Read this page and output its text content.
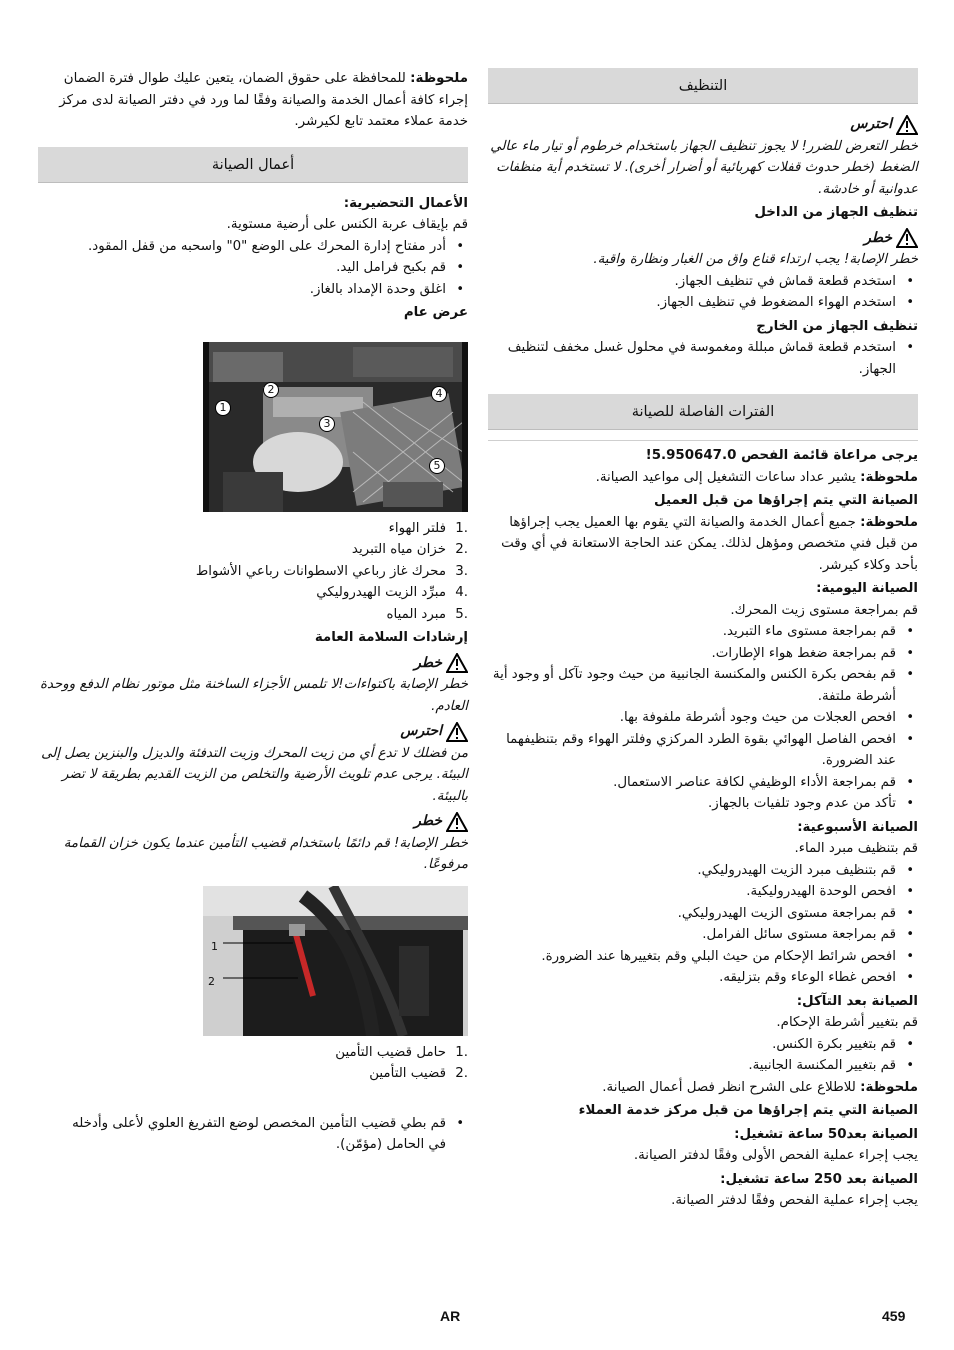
التنظيف
احترس
خطر التعرض للضرر! لا يجوز تنظيف الجهاز باستخدام خرطوم أو تيار ماء عالي الضغط (خطر حدوث قفلات كهربائية أو أضرار أخرى). لا تستخدم أية منظفات عدوانية أو خادشة.
تنظيف الجهاز من الداخل
خطر
خطر الإصابة! يجب ارتداء قناع واق من الغبار ونظارة واقية.
• استخدم قطعة قماش في تنظيف الجهاز.
• استخدم الهواء المضغوط في تنظيف الجهاز.
تنظيف الجهاز من الخارج
• استخدم قطعة قماش مبللة ومغموسة في محلول غسل مخفف لتنظيف الجهاز.
الفترات الفاصلة للصيانة
يرجى مراعاة قائمة الفحص 5.950647.0!
ملحوظة: يشير عداد ساعات التشغيل إلى مواعيد الصيانة.
الصيانة التي يتم إجراؤها من قبل العميل
ملحوظة: جميع أعمال الخدمة والصيانة التي يقوم بها العميل يجب إجراؤها من قبل فني متخصص ومؤهل لذلك. يمكن عند الحاجة الاستعانة في أي وقت بأحد وكلاء كيرشر.
الصيانة اليومية:
قم بمراجعة مستوى زيت المحرك.
• قم بمراجعة مستوى ماء التبريد.
• قم بمراجعة ضغط هواء الإطارات.
• قم بفحص بكرة الكنس والمكنسة الجانبية من حيث وجود تآكل أو وجود أية أشرطة ملتفة.
• افحص العجلات من حيث وجود أشرطة ملفوفة بها.
• افحص الفاصل الهوائي بقوة الطرد المركزي وفلتر الهواء وقم بتنظيفهما عند الضرورة.
• قم بمراجعة الأداء الوظيفي لكافة عناصر الاستعمال.
• تأكد من عدم وجود تلفيات بالجهاز.
الصيانة الأسبوعية:
قم بتنظيف مبرد الماء.
• قم بتنظيف مبرد الزيت الهيدروليكي.
• افحص الوحدة الهيدروليكية.
• قم بمراجعة مستوى الزيت الهيدروليكي.
• قم بمراجعة مستوى سائل الفرامل.
• افحص شرائط الإحكام من حيث البلي وقم بتغييرها عند الضرورة.
• افحص غطاء الوعاء وقم بتزليقه.
الصيانة بعد التآكل:
قم بتغيير أشرطة الإحكام.
• قم بتغيير بكرة الكنس.
• قم بتغيير المكنسة الجانبية.
ملحوظة: للاطلاع على الشرح انظر فصل أعمال الصيانة.
الصيانة التي يتم إجراؤها من قبل مركز خدمة العملاء
الصيانة بعد50 ساعة تشغيل:
يجب إجراء عملية الفحص الأولى وفقًا لدفتر الصيانة.
الصيانة بعد 250 ساعة تشغيل:
يجب إجراء عملية الفحص وفقًا لدفتر الصيانة.
ملحوظة: للمحافظة على حقوق الضمان، يتعين عليك طوال فترة الضمان إجراء كافة أعمال الخدمة والصيانة وفقًا لما ورد في دفتر الصيانة لدى مركز خدمة عملاء معتمد تابع لكيرشر.
أعمال الصيانة
الأعمال التحضيرية:
قم بإيقاف عربة الكنس على أرضية مستوية.
• أدر مفتاح إدارة المحرك على الوضع "0" واسحبه من قفل المقود.
• قم بكبح فرامل اليد.
• اغلق وحدة الإمداد بالغاز.
عرض عام
1
2
3
4
5
1.
فلتر الهواء
2.
خزان مياه التبريد
3.
محرك غاز رباعي الاسطوانات رباعي الأشواط
4.
مبرِّد الزيت الهيدروليكي
5.
مبرد المياه
إرشادات السلامة العامة
خطر
خطر الإصابة باكتواءات!لا تلمس الأجزاء الساخنة مثل موتور نظام الدفع ووحدة العادم.
احترس
من فضلك لا تدع أي من زيت المحرك وزيت التدفئة والديزل والبنزين يصل إلى البيئة. يرجى عدم تلويث الأرضية والتخلص من الزيت القديم بطريقة لا تضر بالبيئة.
خطر
خطر الإصابة! قم دائمًا باستخدام قضيب التأمين عندما يكون خزان القمامة مرفوعًا.
1
2
1.
حامل قضيب التأمين
2.
قضيب التأمين
• قم بطي قضيب التأمين المخصص لوضع التفريغ العلوي لأعلى وأدخله في الحامل (مؤمّن).
AR	459
